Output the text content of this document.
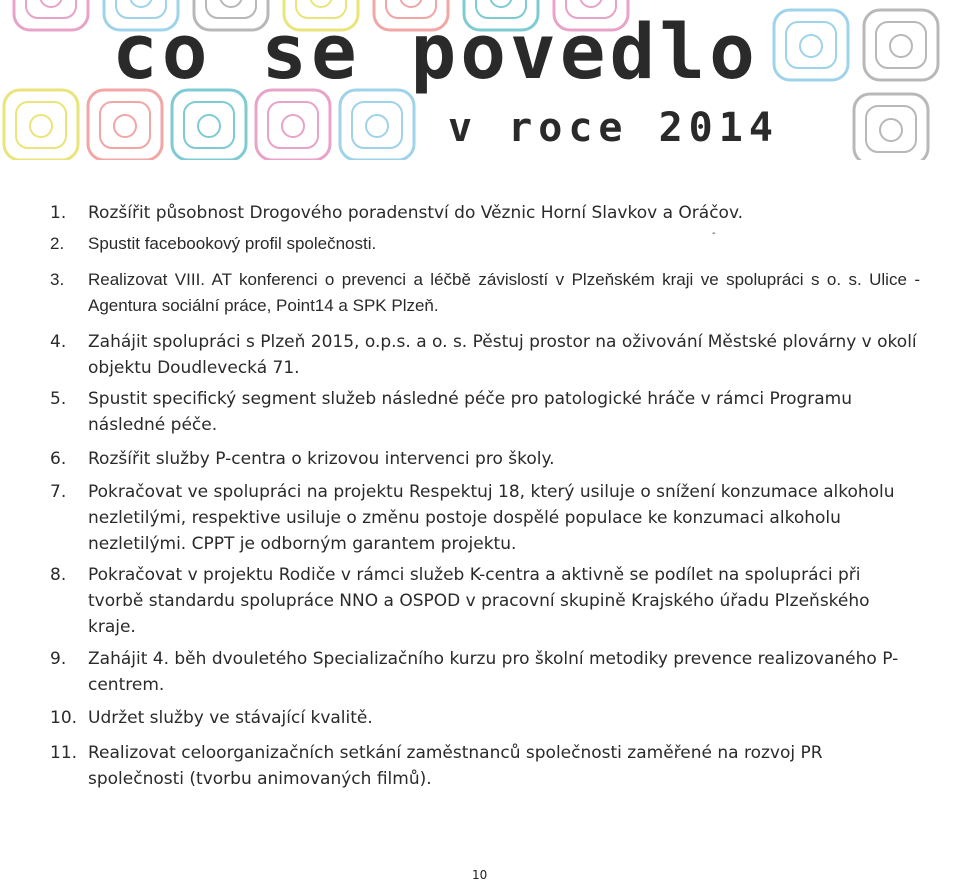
co se povedlo
v roce 2014
1.	Rozšířit působnost Drogového poradenství do Věznic Horní Slavkov a Oráčov.
2.	Spustit facebookový profil společnosti.
3.	Realizovat VIII. AT konferenci o prevenci a léčbě závislostí v Plzeňském kraji ve spolupráci s o. s. Ulice - Agentura sociální práce, Point14 a SPK Plzeň.
4.	Zahájit spolupráci s Plzeň 2015, o.p.s. a o. s. Pěstuj prostor na oživování Městské plovárny v okolí objektu Doudlevecká 71.
5.	Spustit specifický segment služeb následné péče pro patologické hráče v rámci Programu následné péče.
6.	Rozšířit služby P-centra o krizovou intervenci pro školy.
7.	Pokračovat ve spolupráci na projektu Respektuj 18, který usiluje o snížení konzumace alkoholu nezletilými, respektive usiluje o změnu postoje dospělé populace ke konzumaci alkoholu nezletilými. CPPT je odborným garantem projektu.
8.	Pokračovat v projektu Rodiče v rámci služeb K-centra a aktivně se podílet na spolupráci při tvorbě standardu spolupráce NNO a OSPOD v pracovní skupině Krajského úřadu Plzeňského kraje.
9.	Zahájit 4. běh dvouletého Specializačního kurzu pro školní metodiky prevence realizovaného P-centrem.
10. Udržet služby ve stávající kvalitě.
11. Realizovat celoorganizačních setkání zaměstnanců společnosti zaměřené na rozvoj PR společnosti (tvorbu animovaných filmů).
-
10
